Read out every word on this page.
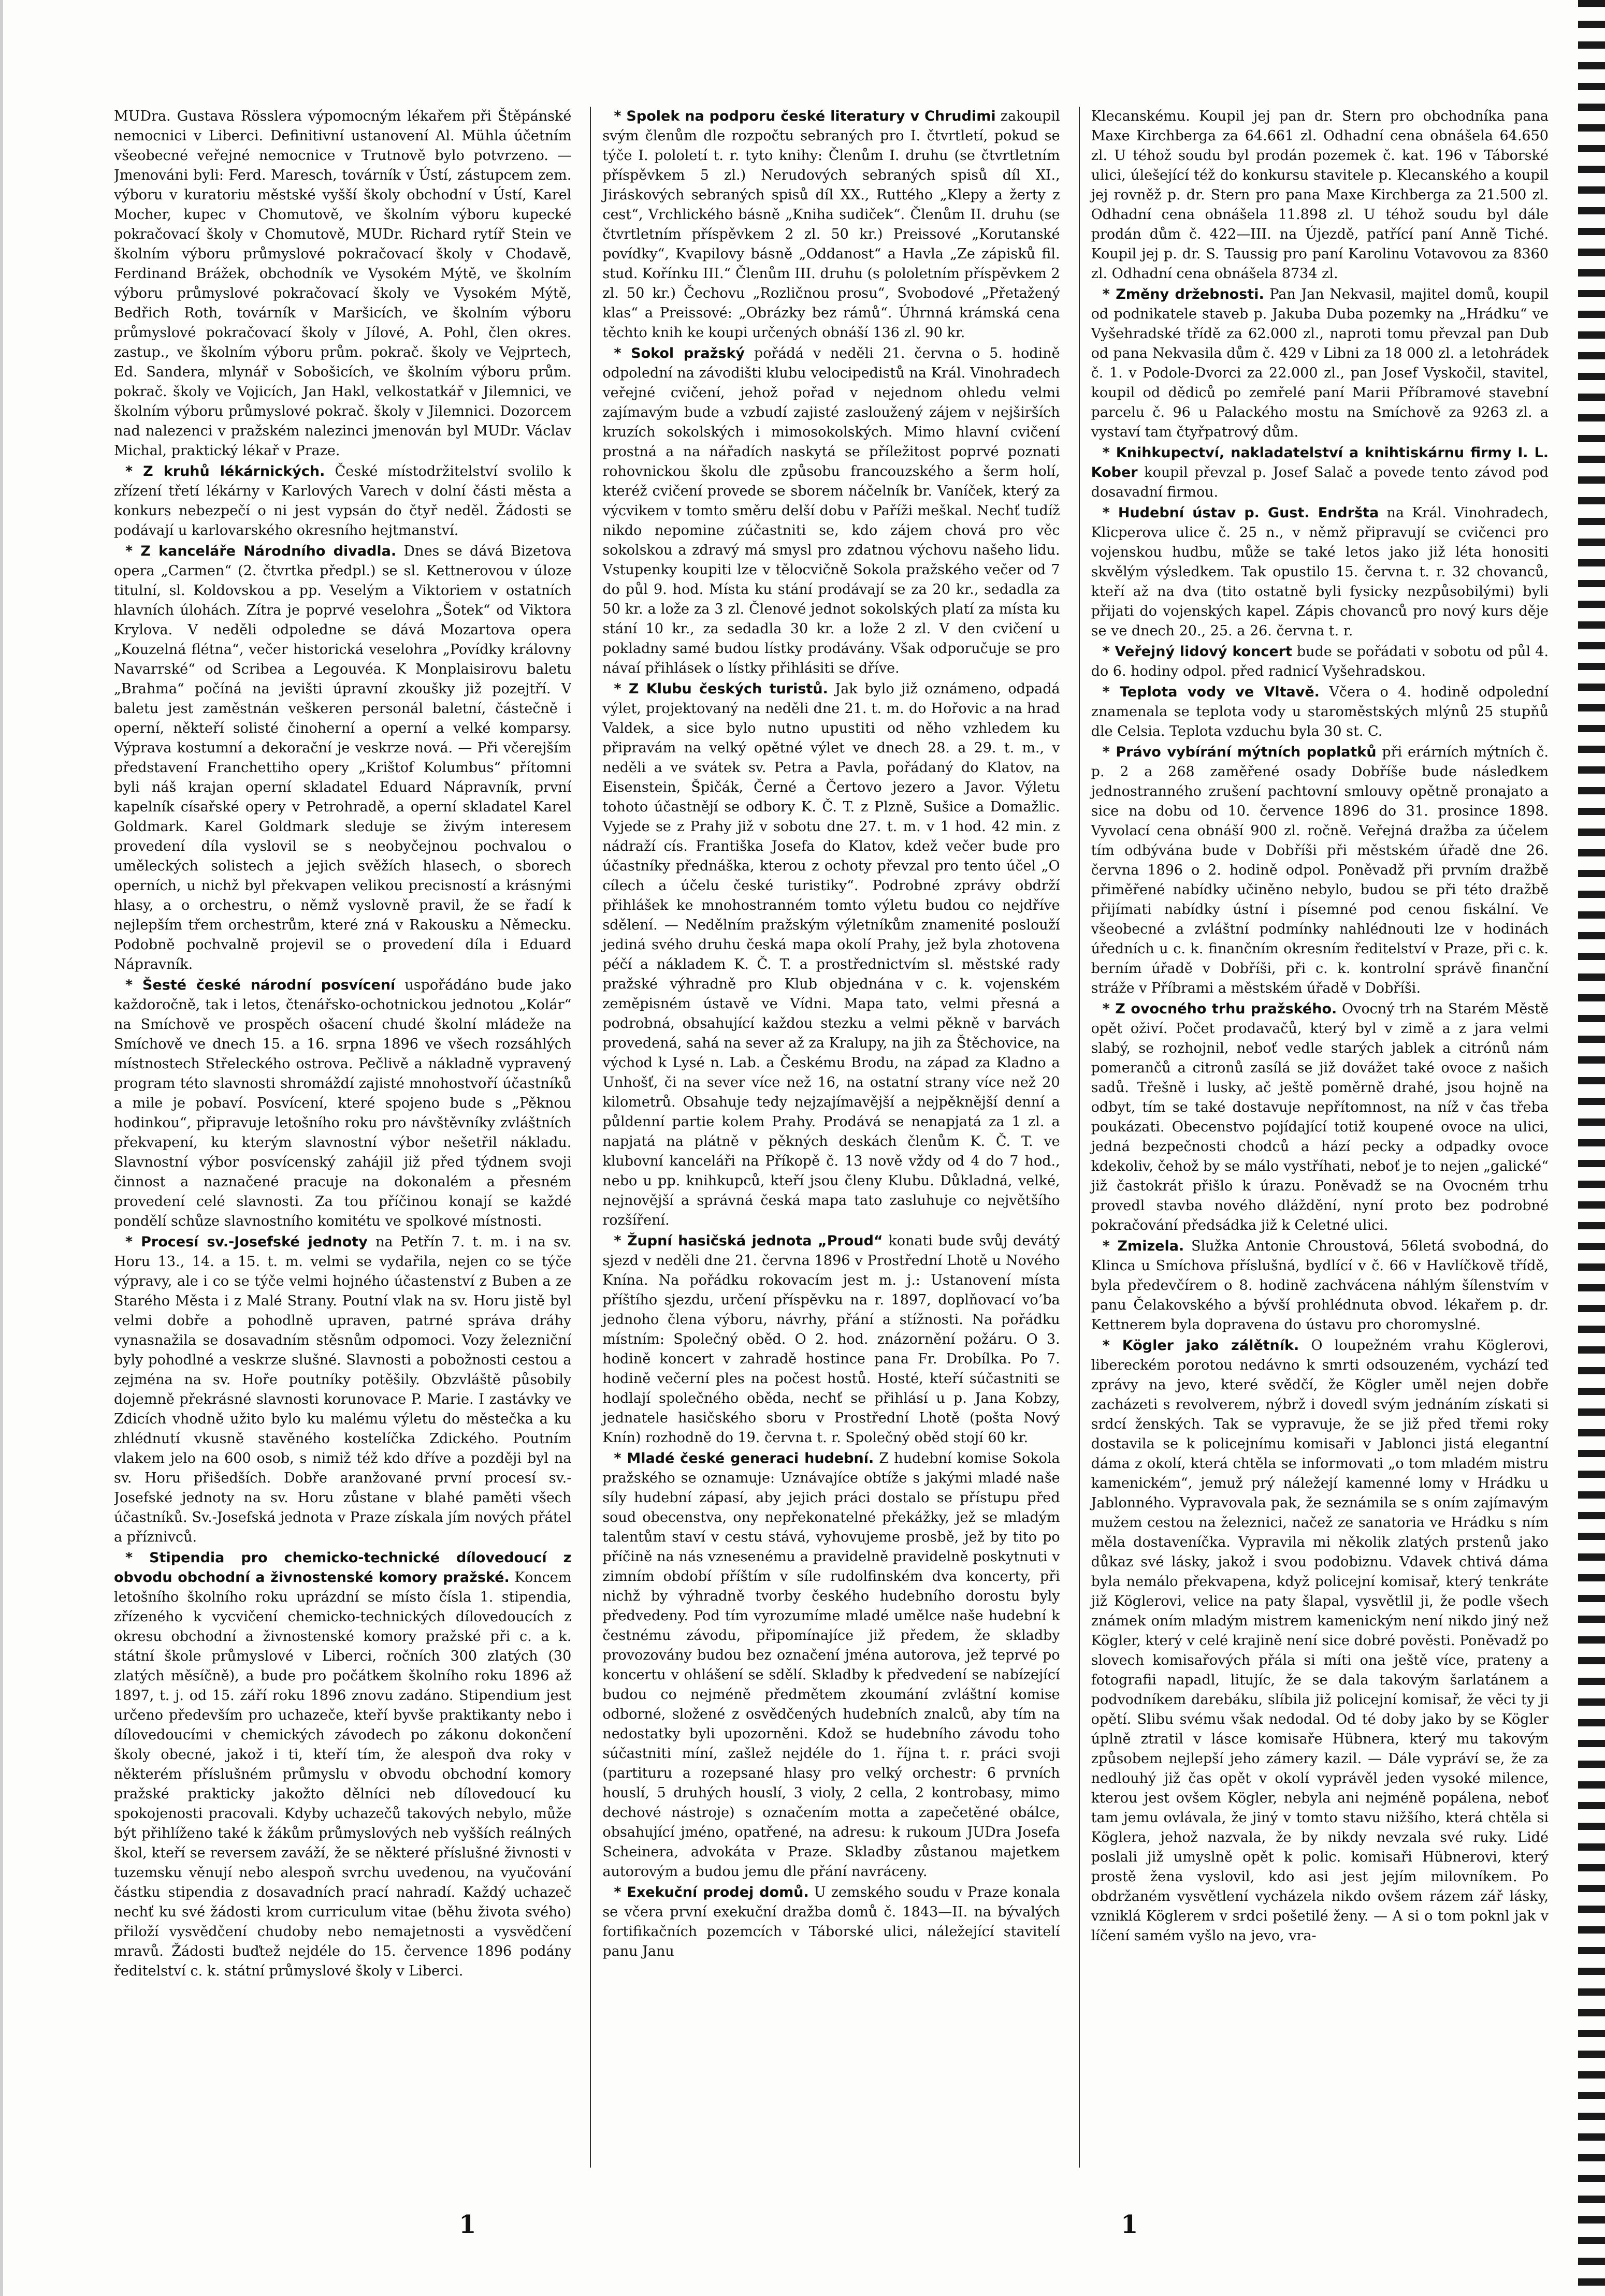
MUDra. Gustava Rösslera výpomocným lékařem při Štěpánské nemocnici v Liberci. Definitivní ustanovení Al. Mühla účetním všeobecné veřejné nemocnice v Trutnově bylo potvrzeno. — Jmenováni byli: Ferd. Maresch, továrník v Ústí, zástupcem zem. výboru v kuratoriu městské vyšší školy obchodní v Ústí, Karel Mocher, kupec v Chomutově, ve školním výboru kupecké pokračovací školy v Chomutově, MUDr. Richard rytíř Stein ve školním výboru průmyslové pokračovací školy v Chodavě, Ferdinand Brážek, obchodník ve Vysokém Mýtě, ve školním výboru průmyslové pokračovací školy ve Vysokém Mýtě, Bedřich Roth, továrník v Maršicích, ve školním výboru průmyslové pokračovací školy v Jílové, A. Pohl, člen okres. zastup., ve školním výboru prům. pokrač. školy ve Vejprtech, Ed. Sandera, mlynář v Sobošicích, ve školním výboru prům. pokrač. školy ve Vojicích, Jan Hakl, velkostatkář v Jilemnici, ve školním výboru průmyslové pokrač. školy v Jilemnici. Dozorcem nad nalezenci v pražském nalezinci jmenován byl MUDr. Václav Michal, praktický lékař v Praze.

* Z kruhů lékárnických. České místodržitelství svolilo k zřízení třetí lékárny v Karlových Varech v dolní části města a konkurs nebezpečí o ni jest vypsán do čtyř neděl. Žádosti se podávají u karlovarského okresního hejtmanství.

* Z kanceláře Národního divadla. Dnes se dává Bizetova opera „Carmen“ (2. čtvrtka předpl.) se sl. Kettnerovou v úloze titulní, sl. Koldovskou a pp. Veselým a Viktoriem v ostatních hlavních úlohách. Zítra je poprvé veselohra „Šotek“ od Viktora Krylova. V neděli odpoledne se dává Mozartova opera „Kouzelná flétna“, večer historická veselohra „Povídky královny Navarrské“ od Scribea a Legouvéa. K Monplaisirovu baletu „Brahma“ počíná na jevišti úpravní zkoušky již pozejtří. V baletu jest zaměstnán veškeren personál baletní, částečně i operní, někteří solisté činoherní a operní a velké komparsy. Výprava kostumní a dekorační je veskrze nová. — Při včerejším představení Franchettiho opery „Krištof Kolumbus“ přítomni byli náš krajan operní skladatel Eduard Nápravník, první kapelník císařské opery v Petrohradě, a operní skladatel Karel Goldmark. Karel Goldmark sleduje se živým interesem provedení díla vyslovil se s neobyčejnou pochvalou o uměleckých solistech a jejich svěžích hlasech, o sborech operních, u nichž byl překvapen velikou precisností a krásnými hlasy, a o orchestru, o němž vyslovně pravil, že se řadí k nejlepším třem orchestrům, které zná v Rakousku a Německu. Podobně pochvalně projevil se o provedení díla i Eduard Nápravník.

* Šesté české národní posvícení uspořádáno bude jako každoročně, tak i letos, čtenářsko-ochotnickou jednotou „Kolár“ na Smíchově ve prospěch ošacení chudé školní mládeže na Smíchově ve dnech 15. a 16. srpna 1896 ve všech rozsáhlých místnostech Střeleckého ostrova. Pečlivě a nákladně vypravený program této slavnosti shromáždí zajisté mnohostvoří účastníků a mile je pobaví. Posvícení, které spojeno bude s „Pěknou hodinkou“, připravuje letošního roku pro návštěvníky zvláštních překvapení, ku kterým slavnostní výbor nešetřil nákladu. Slavnostní výbor posvícenský zahájil již před týdnem svoji činnost a naznačené pracuje na dokonalém a přesném provedení celé slavnosti. Za tou příčinou konají se každé pondělí schůze slavnostního komitétu ve spolkové místnosti.

* Procesí sv.-Josefské jednoty na Petřín 7. t. m. i na sv. Horu 13., 14. a 15. t. m. velmi se vydařila, nejen co se týče výpravy, ale i co se týče velmi hojného účastenství z Buben a ze Starého Města i z Malé Strany. Poutní vlak na sv. Horu jistě byl velmi dobře a pohodlně upraven, patrné správa dráhy vynasnažila se dosavadním stěsnům odpomoci. Vozy železniční byly pohodlné a veskrze slušné. Slavnosti a pobožnosti cestou a zejména na sv. Hoře poutníky potěšily. Obzvláště působily dojemně překrásné slavnosti korunovace P. Marie. I zastávky ve Zdicích vhodně užito bylo ku malému výletu do městečka a ku zhlédnutí vkusně stavěného kostelíčka Zdického. Poutním vlakem jelo na 600 osob, s nimiž též kdo dříve a později byl na sv. Horu přišedších. Dobře aranžované první procesí sv.-Josefské jednoty na sv. Horu zůstane v blahé paměti všech účastníků. Sv.-Josefská jednota v Praze získala jím nových přátel a příznivců.

* Stipendia pro chemicko-technické dílovedoucí z obvodu obchodní a živnostenské komory pražské. Koncem letošního školního roku uprázdní se místo čísla 1. stipendia, zřízeného k vycvičení chemicko-technických dílovedoucích z okresu obchodní a živnostenské komory pražské při c. a k. státní škole průmyslové v Liberci, ročních 300 zlatých (30 zlatých měsíčně), a bude pro počátkem školního roku 1896 až 1897, t. j. od 15. září roku 1896 znovu zadáno. Stipendium jest určeno především pro uchazeče, kteří byvše praktikanty nebo i dílovedoucími v chemických závodech po zákonu dokončení školy obecné, jakož i ti, kteří tím, že alespoň dva roky v některém příslušném průmyslu v obvodu obchodní komory pražské prakticky jakožto dělníci neb dílovedoucí ku spokojenosti pracovali. Kdyby uchazečů takových nebylo, může být přihlíženo také k žákům průmyslových neb vyšších reálných škol, kteří se reversem zaváží, že se některé příslušné živnosti v tuzemsku věnují nebo alespoň svrchu uvedenou, na vyučování částku stipendia z dosavadních prací nahradí. Každý uchazeč nechť ku své žádosti krom curriculum vitae (běhu života svého) přiloží vysvědčení chudoby nebo nemajetnosti a vysvědčení mravů. Žádosti buďtež nejdéle do 15. července 1896 podány ředitelství c. k. státní průmyslové školy v Liberci.

* Spolek na podporu české literatury v Chrudimi zakoupil svým členům dle rozpočtu sebraných pro I. čtvrtletí, pokud se týče I. pololetí t. r. tyto knihy: Členům I. druhu (se čtvrtletním příspěvkem 5 zl.) Nerudových sebraných spisů díl XI., Jiráskových sebraných spisů díl XX., Ruttého „Klepy a žerty z cest“, Vrchlického básně „Kniha sudiček“. Členům II. druhu (se čtvrtletním příspěvkem 2 zl. 50 kr.) Preissové „Korutanské povídky“, Kvapilovy básně „Oddanost“ a Havla „Ze zápisků fil. stud. Kořínku III.“ Členům III. druhu (s pololetním příspěvkem 2 zl. 50 kr.) Čechovu „Rozličnou prosu“, Svobodové „Přetažený klas“ a Preissové: „Obrázky bez rámů“. Úhrnná krámská cena těchto knih ke koupi určených obnáší 136 zl. 90 kr.

* Sokol pražský pořádá v neděli 21. června o 5. hodině odpolední na závodišti klubu velocipedistů na Král. Vinohradech veřejné cvičení, jehož pořad v nejednom ohledu velmi zajímavým bude a vzbudí zajisté zasloužený zájem v nejširších kruzích sokolských i mimosokolských. Mimo hlavní cvičení prostná a na nářadích naskytá se příležitost poprvé poznati rohovnickou školu dle způsobu francouzského a šerm holí, kteréž cvičení provede se sborem náčelník br. Vaníček, který za výcvikem v tomto směru delší dobu v Paříži meškal. Nechť tudíž nikdo nepomine zúčastniti se, kdo zájem chová pro věc sokolskou a zdravý má smysl pro zdatnou výchovu našeho lidu. Vstupenky koupiti lze v tělocvičně Sokola pražského večer od 7 do půl 9. hod. Místa ku stání prodávají se za 20 kr., sedadla za 50 kr. a lože za 3 zl. Členové jednot sokolských platí za místa ku stání 10 kr., za sedadla 30 kr. a lože 2 zl. V den cvičení u pokladny samé budou lístky prodávány. Však odporučuje se pro návaí přihlásek o lístky přihlásiti se dříve.

* Z Klubu českých turistů. Jak bylo již oznámeno, odpadá výlet, projektovaný na neděli dne 21. t. m. do Hořovic a na hrad Valdek, a sice bylo nutno upustiti od něho vzhledem ku připravám na velký opětné výlet ve dnech 28. a 29. t. m., v neděli a ve svátek sv. Petra a Pavla, pořádaný do Klatov, na Eisenstein, Špičák, Černé a Čertovo jezero a Javor. Výletu tohoto účastnějí se odbory K. Č. T. z Plzně, Sušice a Domažlic. Vyjede se z Prahy již v sobotu dne 27. t. m. v 1 hod. 42 min. z nádraží cís. Františka Josefa do Klatov, kdež večer bude pro účastníky přednáška, kterou z ochoty převzal pro tento účel „O cílech a účelu české turistiky“. Podrobné zprávy obdrží přihlášek ke mnohostranném tomto výletu budou co nejdříve sdělení. — Nedělním pražským výletníkům znamenité poslouží jediná svého druhu česká mapa okolí Prahy, jež byla zhotovena péčí a nákladem K. Č. T. a prostřednictvím sl. městské rady pražské výhradně pro Klub objednána v c. k. vojenském zeměpisném ústavě ve Vídni. Mapa tato, velmi přesná a podrobná, obsahující každou stezku a velmi pěkně v barvách provedená, sahá na sever až za Kralupy, na jih za Štěchovice, na východ k Lysé n. Lab. a Českému Brodu, na západ za Kladno a Unhošť, či na sever více než 16, na ostatní strany více než 20 kilometrů. Obsahuje tedy nejzajímavější a nejpěknější denní a půldenní partie kolem Prahy. Prodává se nenapjatá za 1 zl. a napjatá na plátně v pěkných deskách členům K. Č. T. ve klubovní kanceláři na Příkopě č. 13 nově vždy od 4 do 7 hod., nebo u pp. knihkupců, kteří jsou členy Klubu. Důkladná, velké, nejnovější a správná česká mapa tato zasluhuje co největšího rozšíření.

* Župní hasičská jednota „Proud“ konati bude svůj devátý sjezd v neděli dne 21. června 1896 v Prostřední Lhotě u Nového Knína. Na pořádku rokovacím jest m. j.: Ustanovení místa příštího sjezdu, určení příspěvku na r. 1897, doplňovací vo’ba jednoho člena výboru, návrhy, přání a stížnosti. Na pořádku místním: Společný oběd. O 2. hod. znázornění požáru. O 3. hodině koncert v zahradě hostince pana Fr. Drobílka. Po 7. hodině večerní ples na počest hostů. Hosté, kteří súčastniti se hodlají společného oběda, nechť se přihlásí u p. Jana Kobzy, jednatele hasičského sboru v Prostřední Lhotě (pošta Nový Knín) rozhodně do 19. června t. r. Společný oběd stojí 60 kr.

* Mladé české generaci hudební. Z hudební komise Sokola pražského se oznamuje: Uznávajíce obtíže s jakými mladé naše síly hudební zápasí, aby jejich práci dostalo se přístupu před soud obecenstva, ony nepřekonatelné překážky, jež se mladým talentům staví v cestu stává, vyhovujeme prosbě, jež by tito po příčině na nás vznesenému a pravidelně pravidelně poskytnuti v zimním období příštím v síle rudolfinském dva koncerty, při nichž by výhradně tvorby českého hudebního dorostu byly předvedeny. Pod tím vyrozumíme mladé umělce naše hudební k čestnému závodu, připomínajíce již předem, že skladby provozovány budou bez označení jména autorova, jež teprvé po koncertu v ohlášení se sdělí. Skladby k předvedení se nabízející budou co nejméně předmětem zkoumání zvláštní komise odborné, složené z osvědčených hudebních znalců, aby tím na nedostatky byli upozorněni. Kdož se hudebního závodu toho súčastniti míní, zašlež nejdéle do 1. října t. r. práci svoji (partituru a rozepsané hlasy pro velký orchestr: 6 prvních houslí, 5 druhých houslí, 3 violy, 2 cella, 2 kontrobasy, mimo dechové nástroje) s označením motta a zapečetěné obálce, obsahující jméno, opatřené, na adresu: k rukoum JUDra Josefa Scheinera, advokáta v Praze. Skladby zůstanou majetkem autorovým a budou jemu dle přání navráceny.

* Exekuční prodej domů. U zemského soudu v Praze konala se včera první exekuční dražba domů č. 1843—II. na bývalých fortifikačních pozemcích v Táborské ulici, náležející stavitelí panu Janu

Klecanskému. Koupil jej pan dr. Stern pro obchodníka pana Maxe Kirchberga za 64.661 zl. Odhadní cena obnášela 64.650 zl. U téhož soudu byl prodán pozemek č. kat. 196 v Táborské ulici, úlešející též do konkursu stavitele p. Klecanského a koupil jej rovněž p. dr. Stern pro pana Maxe Kirchberga za 21.500 zl. Odhadní cena obnášela 11.898 zl. U téhož soudu byl dále prodán dům č. 422—III. na Újezdě, patřící paní Anně Tiché. Koupil jej p. dr. S. Taussig pro paní Karolinu Votavovou za 8360 zl. Odhadní cena obnášela 8734 zl.

* Změny držebnosti. Pan Jan Nekvasil, majitel domů, koupil od podnikatele staveb p. Jakuba Duba pozemky na „Hrádku“ ve Vyšehradské třídě za 62.000 zl., naproti tomu převzal pan Dub od pana Nekvasila dům č. 429 v Libni za 18 000 zl. a letohrádek č. 1. v Podole-Dvorci za 22.000 zl., pan Josef Vyskočil, stavitel, koupil od dědiců po zemřelé paní Marii Příbramové stavební parcelu č. 96 u Palackého mostu na Smíchově za 9263 zl. a vystaví tam čtyřpatrový dům.

* Knihkupectví, nakladatelství a knihtiskárnu firmy I. L. Kober koupil převzal p. Josef Salač a povede tento závod pod dosavadní firmou.

* Hudební ústav p. Gust. Endršta na Král. Vinohradech, Klicperova ulice č. 25 n., v němž připravují se cvičenci pro vojenskou hudbu, může se také letos jako již léta honositi skvělým výsledkem. Tak opustilo 15. června t. r. 32 chovanců, kteří až na dva (tito ostatně byli fysicky nezpůsobilými) byli přijati do vojenských kapel. Zápis chovanců pro nový kurs děje se ve dnech 20., 25. a 26. června t. r.

* Veřejný lidový koncert bude se pořádati v sobotu od půl 4. do 6. hodiny odpol. před radnicí Vyšehradskou.

* Teplota vody ve Vltavě. Včera o 4. hodině odpolední znamenala se teplota vody u staroměstských mlýnů 25 stupňů dle Celsia. Teplota vzduchu byla 30 st. C.

* Právo vybírání mýtních poplatků při erárních mýtních č. p. 2 a 268 zaměřené osady Dobříše bude následkem jednostranného zrušení pachtovní smlouvy opětně pronajato a sice na dobu od 10. července 1896 do 31. prosince 1898. Vyvolací cena obnáší 900 zl. ročně. Veřejná dražba za účelem tím odbývána bude v Dobříši při městském úřadě dne 26. června 1896 o 2. hodině odpol. Poněvadž při prvním dražbě přiměřené nabídky učiněno nebylo, budou se při této dražbě přijímati nabídky ústní i písemné pod cenou fiskální. Ve všeobecné a zvláštní podmínky nahlédnouti lze v hodinách úředních u c. k. finančním okresním ředitelství v Praze, při c. k. berním úřadě v Dobříši, při c. k. kontrolní správě finanční stráže v Příbrami a městském úřadě v Dobříši.

* Z ovocného trhu pražského. Ovocný trh na Starém Městě opět oživí. Počet prodavačů, který byl v zimě a z jara velmi slabý, se rozhojnil, neboť vedle starých jablek a citrónů nám pomerančů a citronů zasílá se již dovážet také ovoce z našich sadů. Třešně i lusky, ač ještě poměrně drahé, jsou hojně na odbyt, tím se také dostavuje nepřítomnost, na níž v čas třeba poukázati. Obecenstvo pojídající totiž koupené ovoce na ulici, jedná bezpečnosti chodců a hází pecky a odpadky ovoce kdekoliv, čehož by se málo vystříhati, neboť je to nejen „galické“ již častokrát přišlo k úrazu. Poněvadž se na Ovocném trhu provedl stavba nového dláždění, nyní proto bez podrobné pokračování předsádka již k Celetné ulici.

* Zmizela. Služka Antonie Chroustová, 56letá svobodná, do Klinca u Smíchova příslušná, bydlící v č. 66 v Havlíčkově třídě, byla předevčírem o 8. hodině zachvácena náhlým šílenstvím v panu Čelakovského a bývší prohlédnuta obvod. lékařem p. dr. Kettnerem byla dopravena do ústavu pro choromyslné.

* Kögler jako zálětník. O loupežném vrahu Köglerovi, libereckém porotou nedávno k smrti odsouzeném, vychází teď zprávy na jevo, které svědčí, že Kögler uměl nejen dobře zacházeti s revolverem, nýbrž i dovedl svým jednáním získati si srdcí ženských. Tak se vypravuje, že se již před třemi roky dostavila se k policejnímu komisaři v Jablonci jistá elegantní dáma z okolí, která chtěla se informovati „o tom mladém mistru kamenickém“, jemuž prý náležejí kamenné lomy v Hrádku u Jablonného. Vypravovala pak, že seznámila se s oním zajímavým mužem cestou na železnici, načež ze sanatoria ve Hrádku s ním měla dostaveníčka. Vypravila mi několik zlatých prstenů jako důkaz své lásky, jakož i svou podobiznu. Vdavek chtivá dáma byla nemálo překvapena, když policejní komisař, který tenkráte již Köglerovi, velice na paty šlapal, vysvětlil ji, že podle všech známek oním mladým mistrem kamenickým není nikdo jiný než Kögler, který v celé krajině není sice dobré pověsti. Poněvadž po slovech komisařových přála si míti ona ještě více, prateny a fotografii napadl, litujíc, že se dala takovým šarlatánem a podvodníkem darebáku, slíbila již policejní komisař, že věci ty ji opětí. Slibu svému však nedodal. Od té doby jako by se Kögler úplně ztratil v lásce komisaře Hübnera, který mu takovým způsobem nejlepší jeho zámery kazil. — Dále vypráví se, že za nedlouhý již čas opět v okolí vyprávěl jeden vysoké milence, kterou jest ovšem Kögler, nebyla ani nejméně popálena, neboť tam jemu ovlávala, že jiný v tomto stavu nižšího, která chtěla si Köglera, jehož nazvala, že by nikdy nevzala své ruky. Lidé poslali již umyslně opět k polic. komisaři Hübnerovi, který prostě žena vyslovil, kdo asi jest jejím milovníkem. Po obdržaném vysvětlení vycházela nikdo ovšem rázem zář lásky, vzniklá Köglerem v srdci pošetilé ženy. — A si o tom poknl jak v líčení samém vyšlo na jevo, vra-

1	1
